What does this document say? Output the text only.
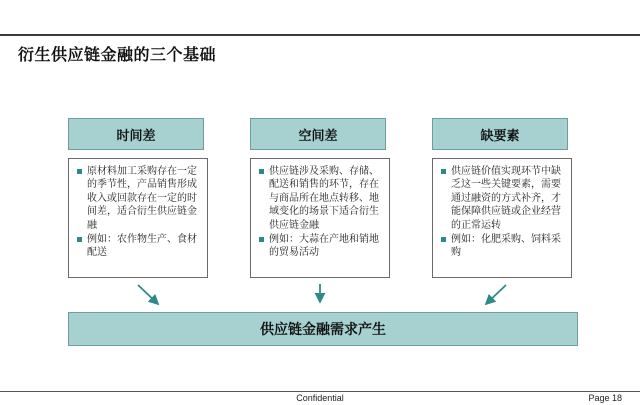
衍生供应链金融的三个基础
时间差
原材料加工采购存在一定的季节性，产品销售形成收入或回款存在一定的时间差，适合衍生供应链金融
例如：农作物生产、食材配送
空间差
供应链涉及采购、存储、配送和销售的环节，存在与商品所在地点转移、地域变化的场景下适合衍生供应链金融
例如：大蒜在产地和销地的贸易活动
缺要素
供应链价值实现环节中缺乏这一些关键要素，需要通过融资的方式补齐，才能保障供应链或企业经营的正常运转
例如：化肥采购、饲料采购
供应链金融需求产生
Confidential	Page 18
